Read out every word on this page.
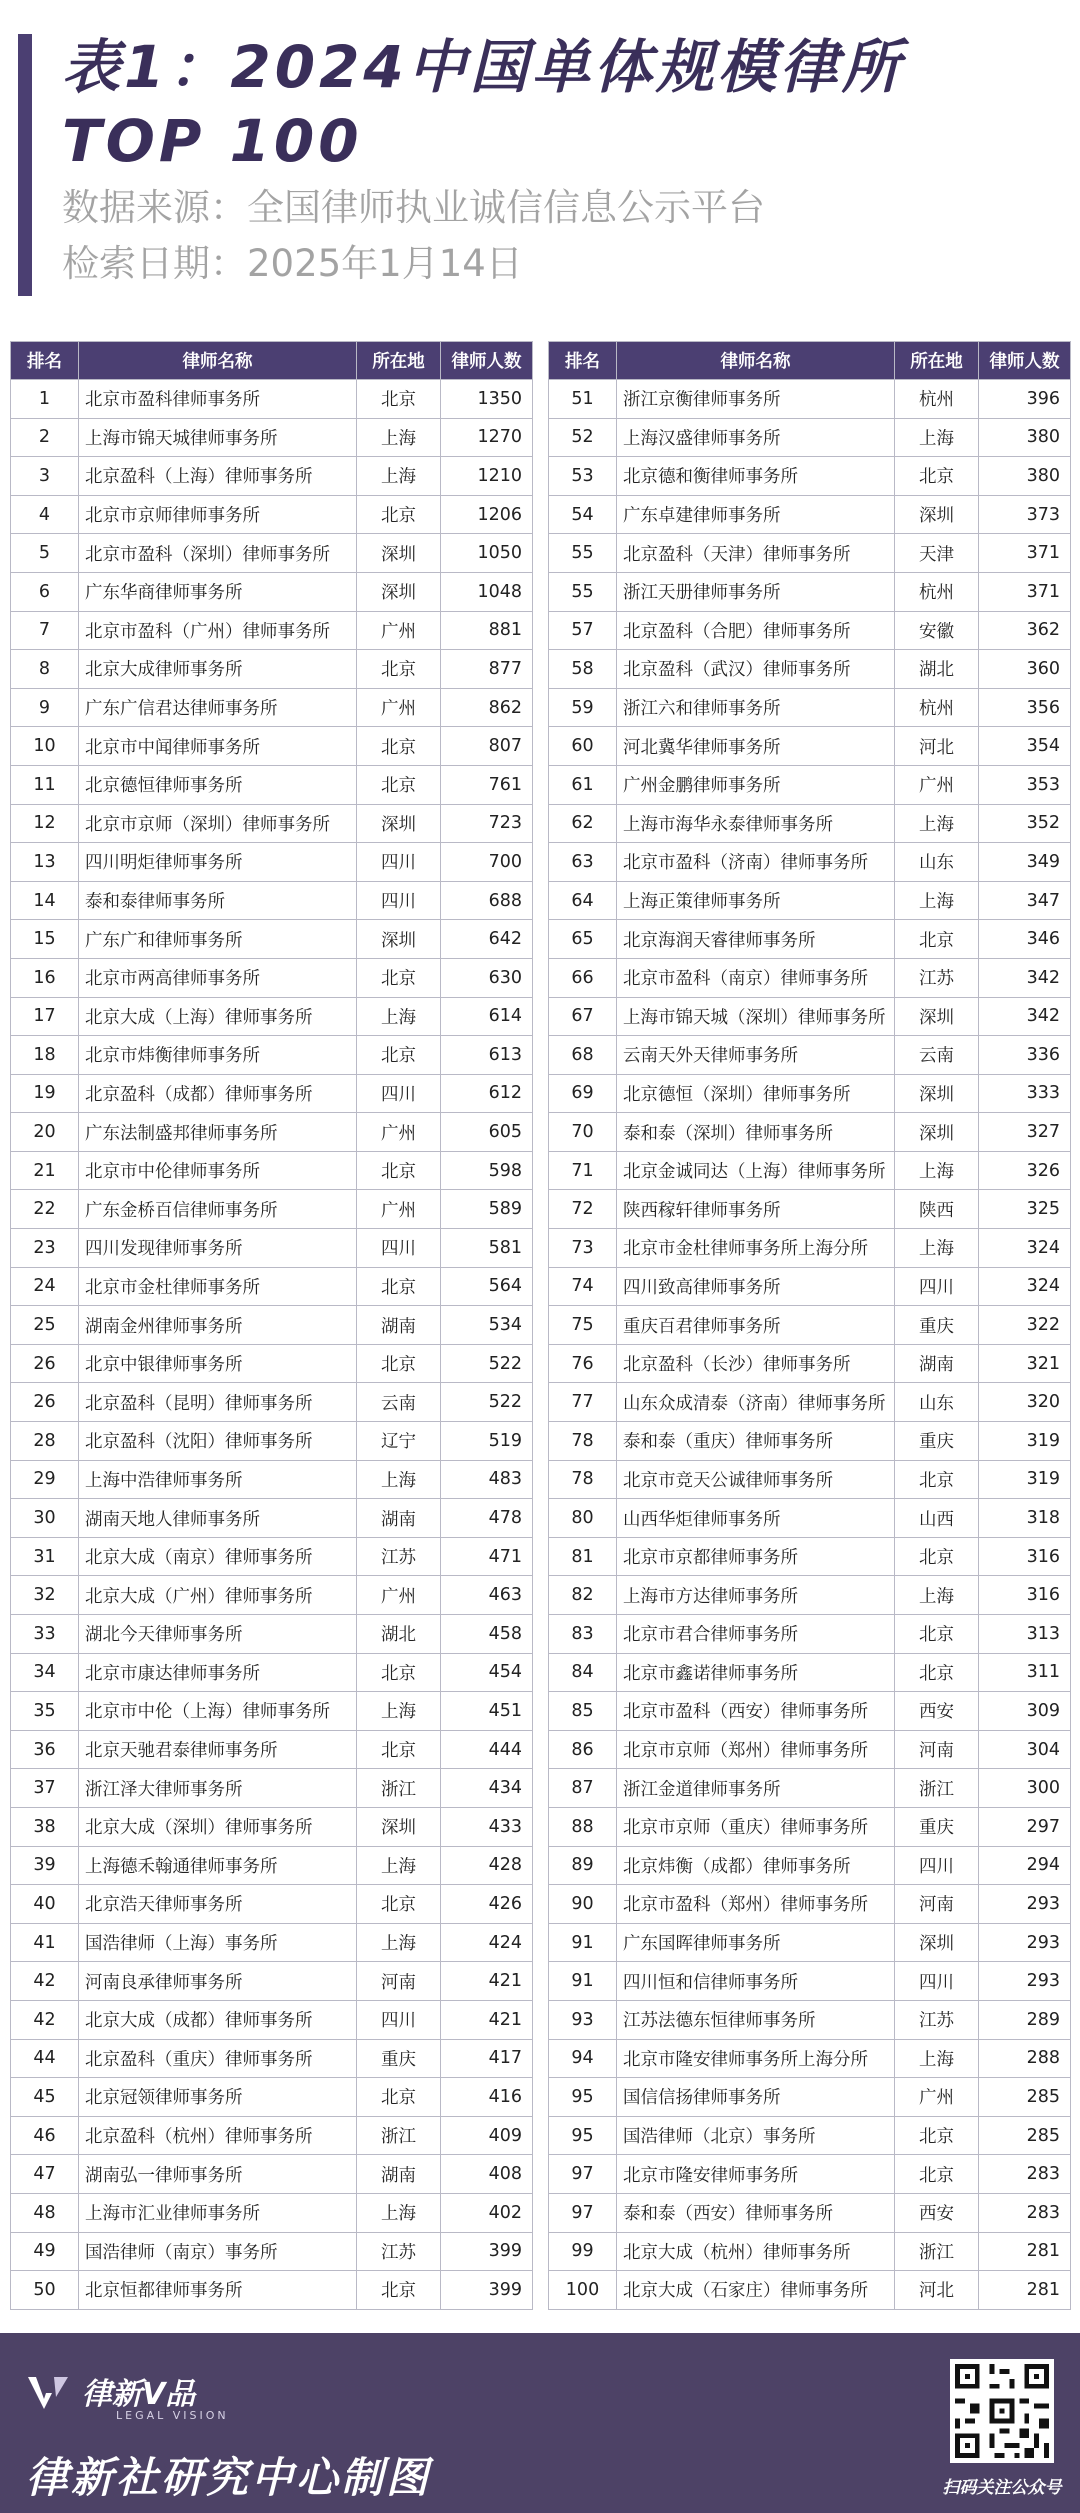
表1：2024中国单体规模律所
TOP 100
数据来源：全国律师执业诚信信息公示平台
检索日期：2025年1月14日
排名	律师名称	所在地	律师人数
1	北京市盈科律师事务所	北京	1350
2	上海市锦天城律师事务所	上海	1270
3	北京盈科（上海）律师事务所	上海	1210
4	北京市京师律师事务所	北京	1206
5	北京市盈科（深圳）律师事务所	深圳	1050
6	广东华商律师事务所	深圳	1048
7	北京市盈科（广州）律师事务所	广州	881
8	北京大成律师事务所	北京	877
9	广东广信君达律师事务所	广州	862
10	北京市中闻律师事务所	北京	807
11	北京德恒律师事务所	北京	761
12	北京市京师（深圳）律师事务所	深圳	723
13	四川明炬律师事务所	四川	700
14	泰和泰律师事务所	四川	688
15	广东广和律师事务所	深圳	642
16	北京市两高律师事务所	北京	630
17	北京大成（上海）律师事务所	上海	614
18	北京市炜衡律师事务所	北京	613
19	北京盈科（成都）律师事务所	四川	612
20	广东法制盛邦律师事务所	广州	605
21	北京市中伦律师事务所	北京	598
22	广东金桥百信律师事务所	广州	589
23	四川发现律师事务所	四川	581
24	北京市金杜律师事务所	北京	564
25	湖南金州律师事务所	湖南	534
26	北京中银律师事务所	北京	522
26	北京盈科（昆明）律师事务所	云南	522
28	北京盈科（沈阳）律师事务所	辽宁	519
29	上海中浩律师事务所	上海	483
30	湖南天地人律师事务所	湖南	478
31	北京大成（南京）律师事务所	江苏	471
32	北京大成（广州）律师事务所	广州	463
33	湖北今天律师事务所	湖北	458
34	北京市康达律师事务所	北京	454
35	北京市中伦（上海）律师事务所	上海	451
36	北京天驰君泰律师事务所	北京	444
37	浙江泽大律师事务所	浙江	434
38	北京大成（深圳）律师事务所	深圳	433
39	上海德禾翰通律师事务所	上海	428
40	北京浩天律师事务所	北京	426
41	国浩律师（上海）事务所	上海	424
42	河南良承律师事务所	河南	421
42	北京大成（成都）律师事务所	四川	421
44	北京盈科（重庆）律师事务所	重庆	417
45	北京冠领律师事务所	北京	416
46	北京盈科（杭州）律师事务所	浙江	409
47	湖南弘一律师事务所	湖南	408
48	上海市汇业律师事务所	上海	402
49	国浩律师（南京）事务所	江苏	399
50	北京恒都律师事务所	北京	399
排名	律师名称	所在地	律师人数
51	浙江京衡律师事务所	杭州	396
52	上海汉盛律师事务所	上海	380
53	北京德和衡律师事务所	北京	380
54	广东卓建律师事务所	深圳	373
55	北京盈科（天津）律师事务所	天津	371
55	浙江天册律师事务所	杭州	371
57	北京盈科（合肥）律师事务所	安徽	362
58	北京盈科（武汉）律师事务所	湖北	360
59	浙江六和律师事务所	杭州	356
60	河北冀华律师事务所	河北	354
61	广州金鹏律师事务所	广州	353
62	上海市海华永泰律师事务所	上海	352
63	北京市盈科（济南）律师事务所	山东	349
64	上海正策律师事务所	上海	347
65	北京海润天睿律师事务所	北京	346
66	北京市盈科（南京）律师事务所	江苏	342
67	上海市锦天城（深圳）律师事务所	深圳	342
68	云南天外天律师事务所	云南	336
69	北京德恒（深圳）律师事务所	深圳	333
70	泰和泰（深圳）律师事务所	深圳	327
71	北京金诚同达（上海）律师事务所	上海	326
72	陕西稼轩律师事务所	陕西	325
73	北京市金杜律师事务所上海分所	上海	324
74	四川致高律师事务所	四川	324
75	重庆百君律师事务所	重庆	322
76	北京盈科（长沙）律师事务所	湖南	321
77	山东众成清泰（济南）律师事务所	山东	320
78	泰和泰（重庆）律师事务所	重庆	319
78	北京市竞天公诚律师事务所	北京	319
80	山西华炬律师事务所	山西	318
81	北京市京都律师事务所	北京	316
82	上海市方达律师事务所	上海	316
83	北京市君合律师事务所	北京	313
84	北京市鑫诺律师事务所	北京	311
85	北京市盈科（西安）律师事务所	西安	309
86	北京市京师（郑州）律师事务所	河南	304
87	浙江金道律师事务所	浙江	300
88	北京市京师（重庆）律师事务所	重庆	297
89	北京炜衡（成都）律师事务所	四川	294
90	北京市盈科（郑州）律师事务所	河南	293
91	广东国晖律师事务所	深圳	293
91	四川恒和信律师事务所	四川	293
93	江苏法德东恒律师事务所	江苏	289
94	北京市隆安律师事务所上海分所	上海	288
95	国信信扬律师事务所	广州	285
95	国浩律师（北京）事务所	北京	285
97	北京市隆安律师事务所	北京	283
97	泰和泰（西安）律师事务所	西安	283
99	北京大成（杭州）律师事务所	浙江	281
100	北京大成（石家庄）律师事务所	河北	281
律新V品
LEGAL VISION
律新社研究中心制图	扫码关注公众号
